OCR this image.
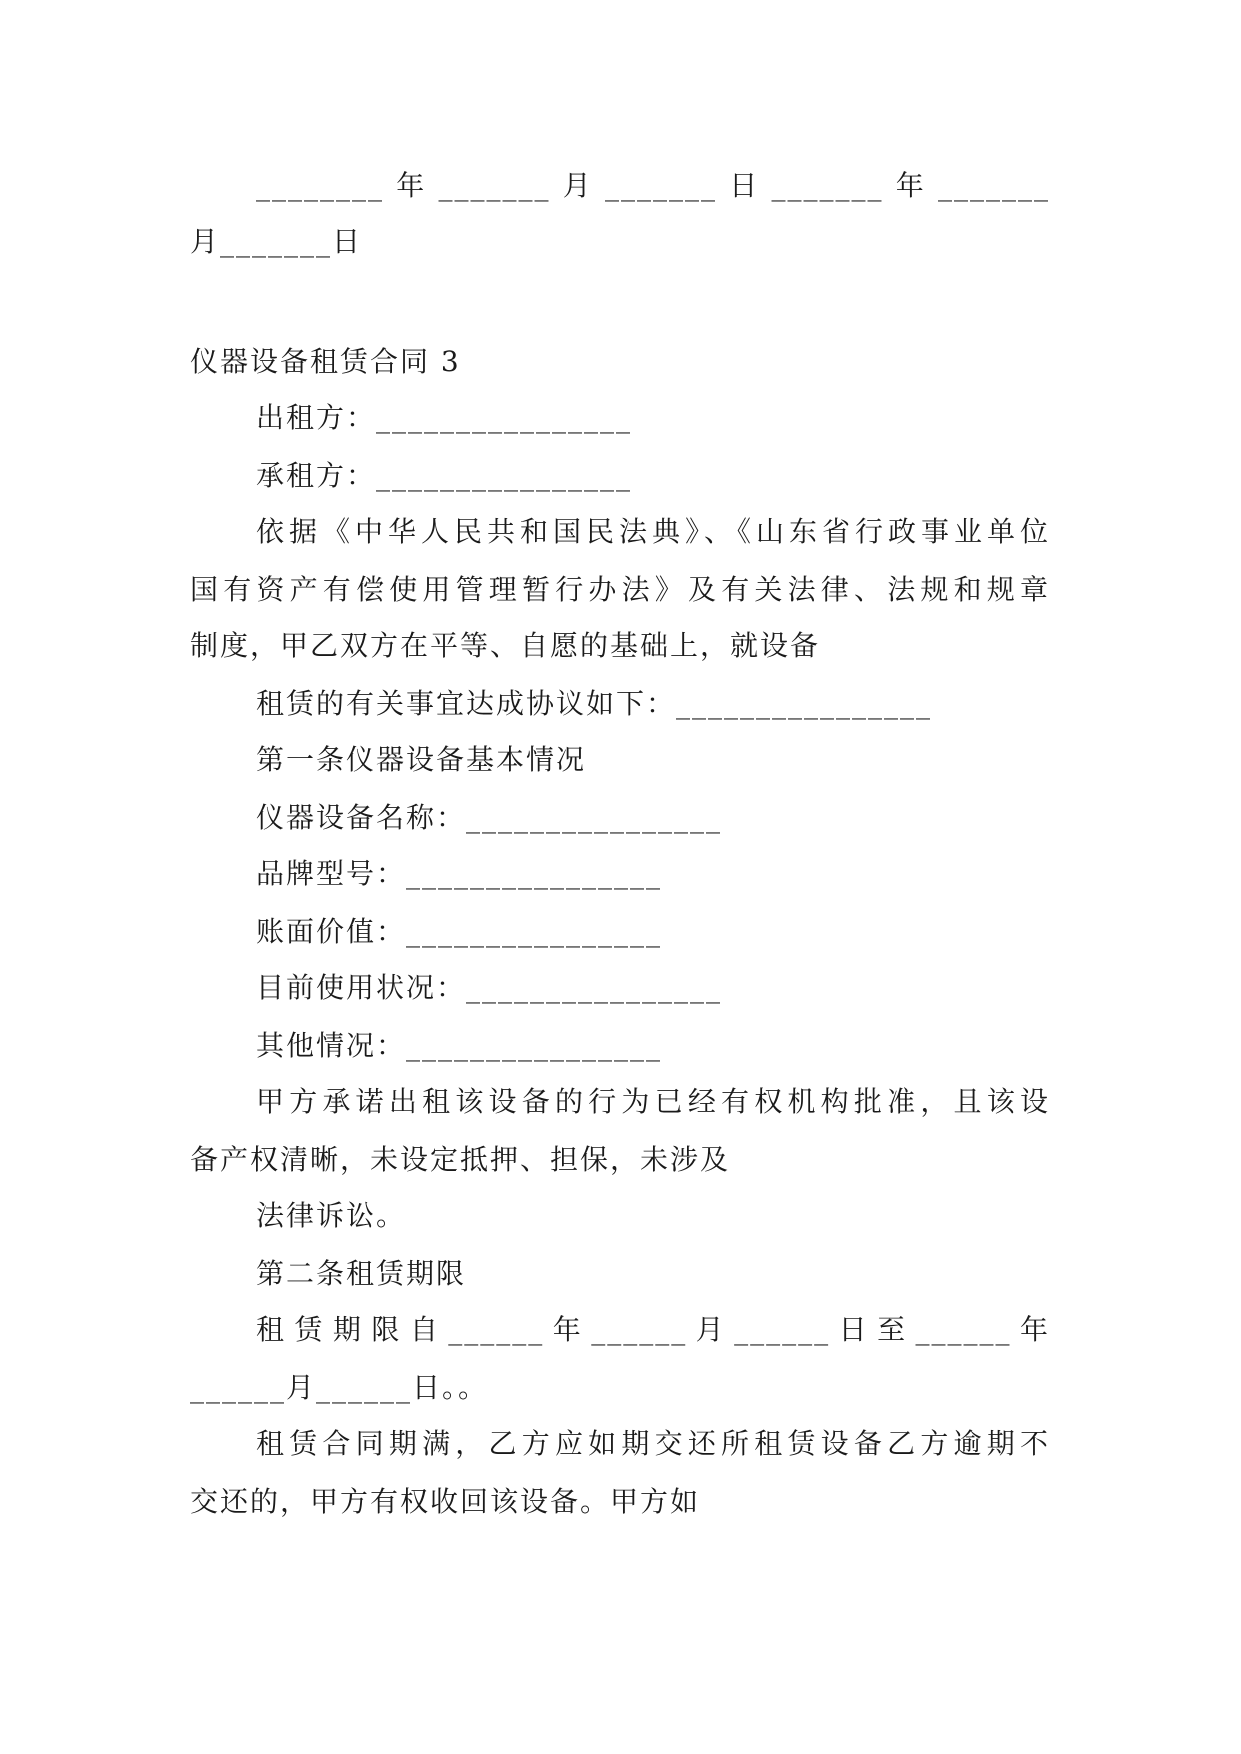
________年_______月_______日_______年_______
月_______日
仪器设备租赁合同 3
出租方：________________
承租方：________________
依据《中华人民共和国民法典》、《山东省行政事业单位
国有资产有偿使用管理暂行办法》及有关法律、法规和规章
制度，甲乙双方在平等、自愿的基础上，就设备
租赁的有关事宜达成协议如下：________________
第一条仪器设备基本情况
仪器设备名称：________________
品牌型号：________________
账面价值：________________
目前使用状况：________________
其他情况：________________
甲方承诺出租该设备的行为已经有权机构批准，且该设
备产权清晰，未设定抵押、担保，未涉及
法律诉讼。
第二条租赁期限
租赁期限自______年______月______日至______年
______月______日。。
租赁合同期满，乙方应如期交还所租赁设备乙方逾期不
交还的，甲方有权收回该设备。甲方如
